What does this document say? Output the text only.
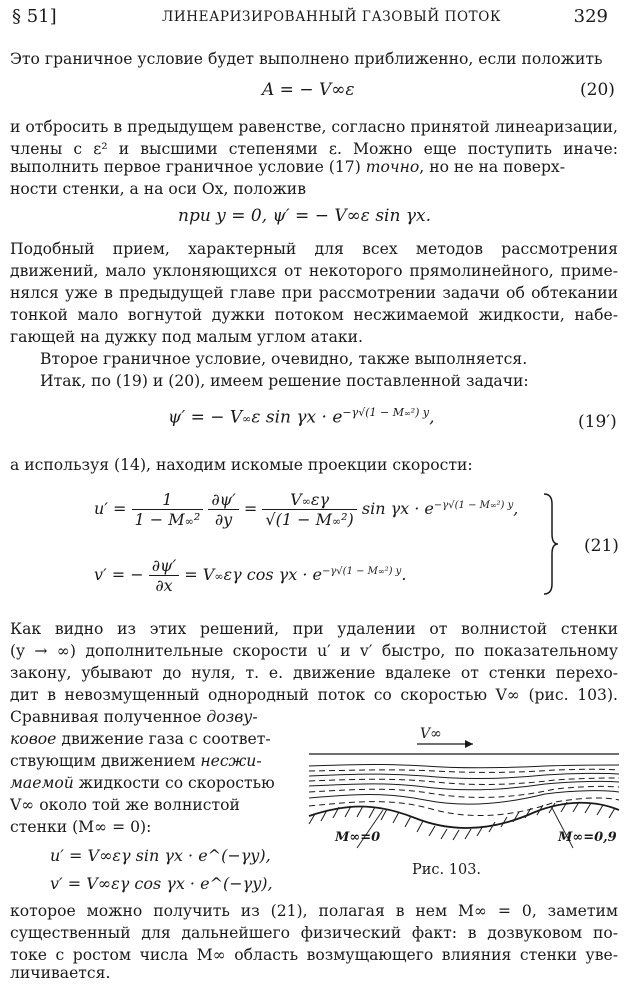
§ 51]	ЛИНЕАРИЗИРОВАННЫЙ ГАЗОВЫЙ ПОТОК	329
Это граничное условие будет выполнено приближенно, если положить
A = − V∞ε	(20)
и отбросить в предыдущем равенстве, согласно принятой линеаризации, члены с ε² и высшими степенями ε. Можно еще поступить иначе:
выполнить первое граничное условие (17) точно, но не на поверх-
ности стенки, а на оси Ox, положив
при y = 0, ψ′ = − V∞ε sin γx.
Подобный прием, характерный для всех методов рассмотрения
движений, мало уклоняющихся от некоторого прямолинейного, приме-
нялся уже в предыдущей главе при рассмотрении задачи об обтекании
тонкой мало вогнутой дужки потоком несжимаемой жидкости, набе-
гающей на дужку под малым углом атаки.
Второе граничное условие, очевидно, также выполняется.
Итак, по (19) и (20), имеем решение поставленной задачи:
ψ′ = − V∞ε $\sin \gamma x \cdot e^{-\gamma√(1 - M\infty^2) y}$,	(19′)
а используя (14), находим искомые проекции скорости:
$u' = \frac{1}{\text{1 − M∞²}}$
$\frac{\partial\psi'}{\partial y} = \frac{V\infty\varepsilon\gamma}{\text{√(1 − M∞²)}}$ $\sin \gamma x \cdot e^{-\gamma√(1 - M\infty^2) y}$,
v′ = − $\frac{\partial\psi'}{\partial x} = V\infty\varepsilon\gamma$ $\cos \gamma x \cdot e^{-\gamma√(1 - M\infty^2) y}$.
(21)
Как видно из этих решений, при удалении от волнистой стенки
(y → ∞) дополнительные скорости u′ и v′ быстро, по показательному
закону, убывают до нуля, т. е. движение вдалеке от стенки перехо-
дит в невозмущенный однородный поток со скоростью V∞ (рис. 103).
Сравнивая полученное дозву-
ковое движение газа с соответ-
ствующим движением несжи-
маемой жидкости со скоростью
V∞ около той же волнистой
стенки (M∞ = 0):
u′ = V∞εγ sin γx · e^(−γy),
v′ = V∞εγ cos γx · e^(−γy),
V∞
M∞=0	M∞=0,9
Рис. 103.
которое можно получить из (21), полагая в нем M∞ = 0, заметим
существенный для дальнейшего физический факт: в дозвуковом по-
токе с ростом числа M∞ область возмущающего влияния стенки уве-
личивается.
